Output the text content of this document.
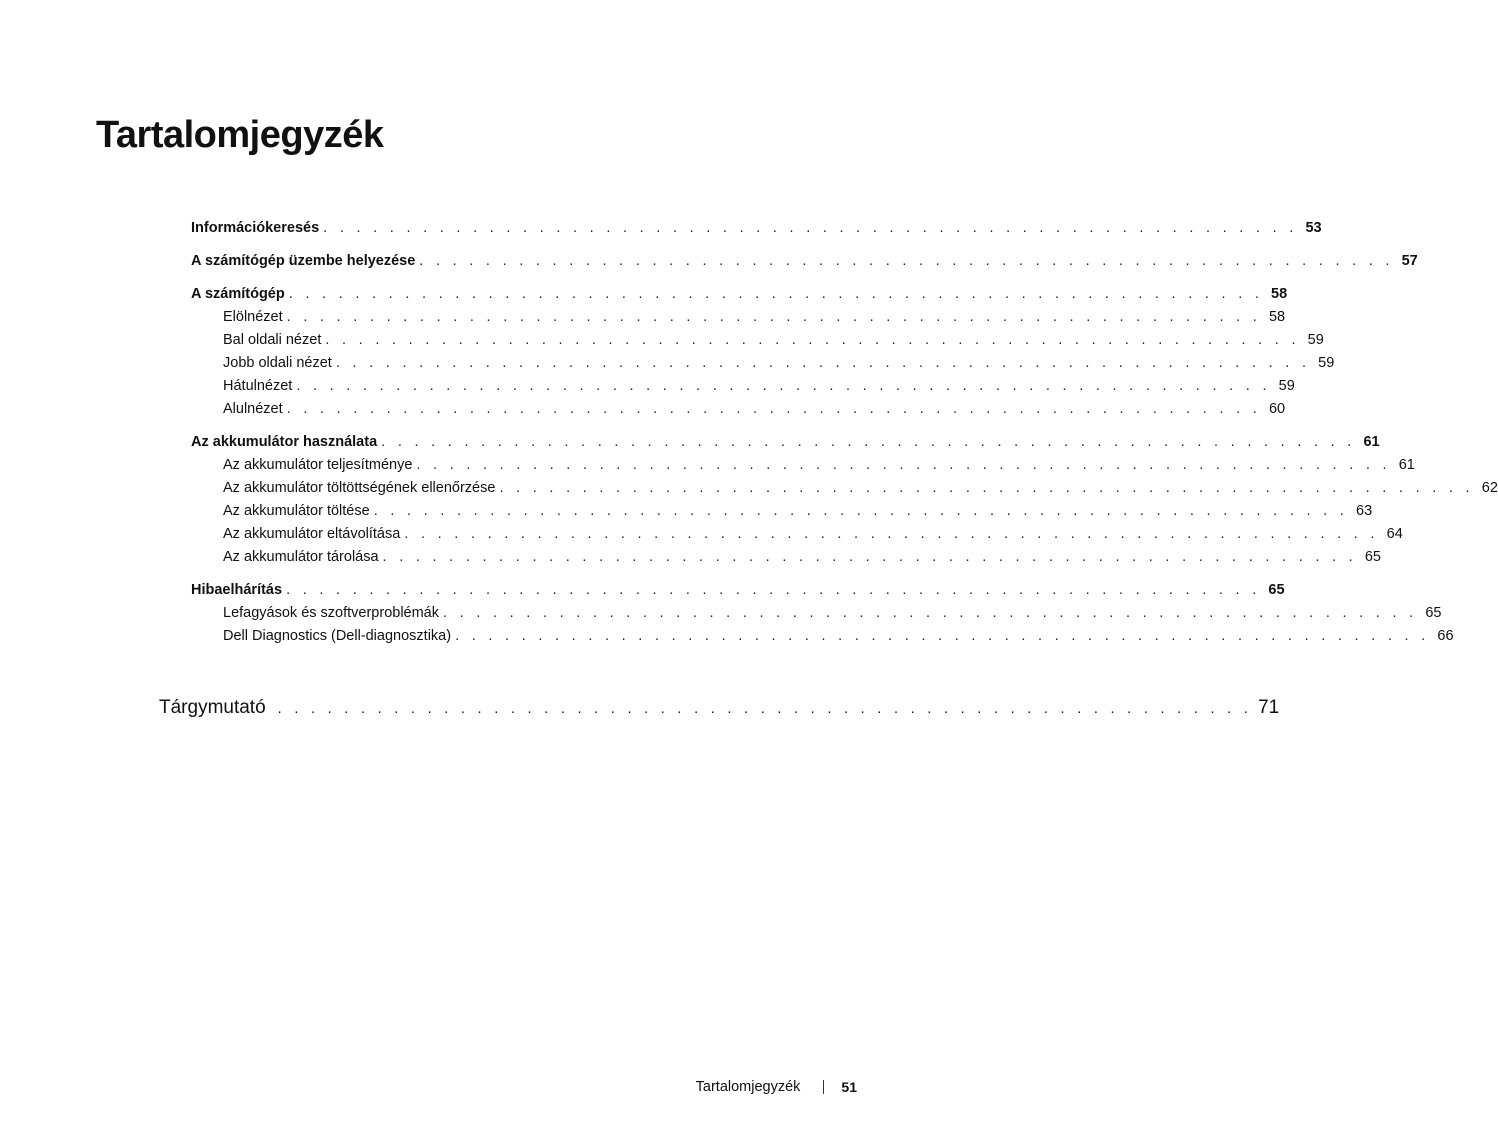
Tartalomjegyzék
Információkeresés . . . . . . . . . . . . . . . . . . . . . . . . . . . . . . . . . . . . . . . . . . . . . . . . . . . . . . . . . . . 53
A számítógép üzembe helyezése . . . . . . . . . . . . . . . . . . . . . . . . . . . . . . . . . . . . . . . . . . . . . . . . . . . . . . . . . . . 57
A számítógép . . . . . . . . . . . . . . . . . . . . . . . . . . . . . . . . . . . . . . . . . . . . . . . . . . . . . . . . . . . 58
Elölnézet . . . . . . . . . . . . . . . . . . . . . . . . . . . . . . . . . . . . . . . . . . . . . . . . . . . . . . . . . . . 58
Bal oldali nézet . . . . . . . . . . . . . . . . . . . . . . . . . . . . . . . . . . . . . . . . . . . . . . . . . . . . . . . . . . . 59
Jobb oldali nézet . . . . . . . . . . . . . . . . . . . . . . . . . . . . . . . . . . . . . . . . . . . . . . . . . . . . . . . . . . . 59
Hátulnézet . . . . . . . . . . . . . . . . . . . . . . . . . . . . . . . . . . . . . . . . . . . . . . . . . . . . . . . . . . . 59
Alulnézet . . . . . . . . . . . . . . . . . . . . . . . . . . . . . . . . . . . . . . . . . . . . . . . . . . . . . . . . . . . 60
Az akkumulátor használata . . . . . . . . . . . . . . . . . . . . . . . . . . . . . . . . . . . . . . . . . . . . . . . . . . . . . . . . . . . 61
Az akkumulátor teljesítménye . . . . . . . . . . . . . . . . . . . . . . . . . . . . . . . . . . . . . . . . . . . . . . . . . . . . . . . . . . . 61
Az akkumulátor töltöttségének ellenőrzése . . . . . . . . . . . . . . . . . . . . . . . . . . . . . . . . . . . . . . . . . . . . . . . . . . . . . . . . . . . 62
Az akkumulátor töltése . . . . . . . . . . . . . . . . . . . . . . . . . . . . . . . . . . . . . . . . . . . . . . . . . . . . . . . . . . . 63
Az akkumulátor eltávolítása . . . . . . . . . . . . . . . . . . . . . . . . . . . . . . . . . . . . . . . . . . . . . . . . . . . . . . . . . . . 64
Az akkumulátor tárolása . . . . . . . . . . . . . . . . . . . . . . . . . . . . . . . . . . . . . . . . . . . . . . . . . . . . . . . . . . . 65
Hibaelhárítás . . . . . . . . . . . . . . . . . . . . . . . . . . . . . . . . . . . . . . . . . . . . . . . . . . . . . . . . . . . 65
Lefagyások és szoftverproblémák . . . . . . . . . . . . . . . . . . . . . . . . . . . . . . . . . . . . . . . . . . . . . . . . . . . . . . . . . . . 65
Dell Diagnostics (Dell-diagnosztika) . . . . . . . . . . . . . . . . . . . . . . . . . . . . . . . . . . . . . . . . . . . . . . . . . . . . . . . . . . . 66
Tárgymutató . . . . . . . . . . . . . . . . . . . . . . . . . . . . . . . . . . . . . . . . . . . . . . . . . . . . . . . . . . . 71
Tartalomjegyzék	51
